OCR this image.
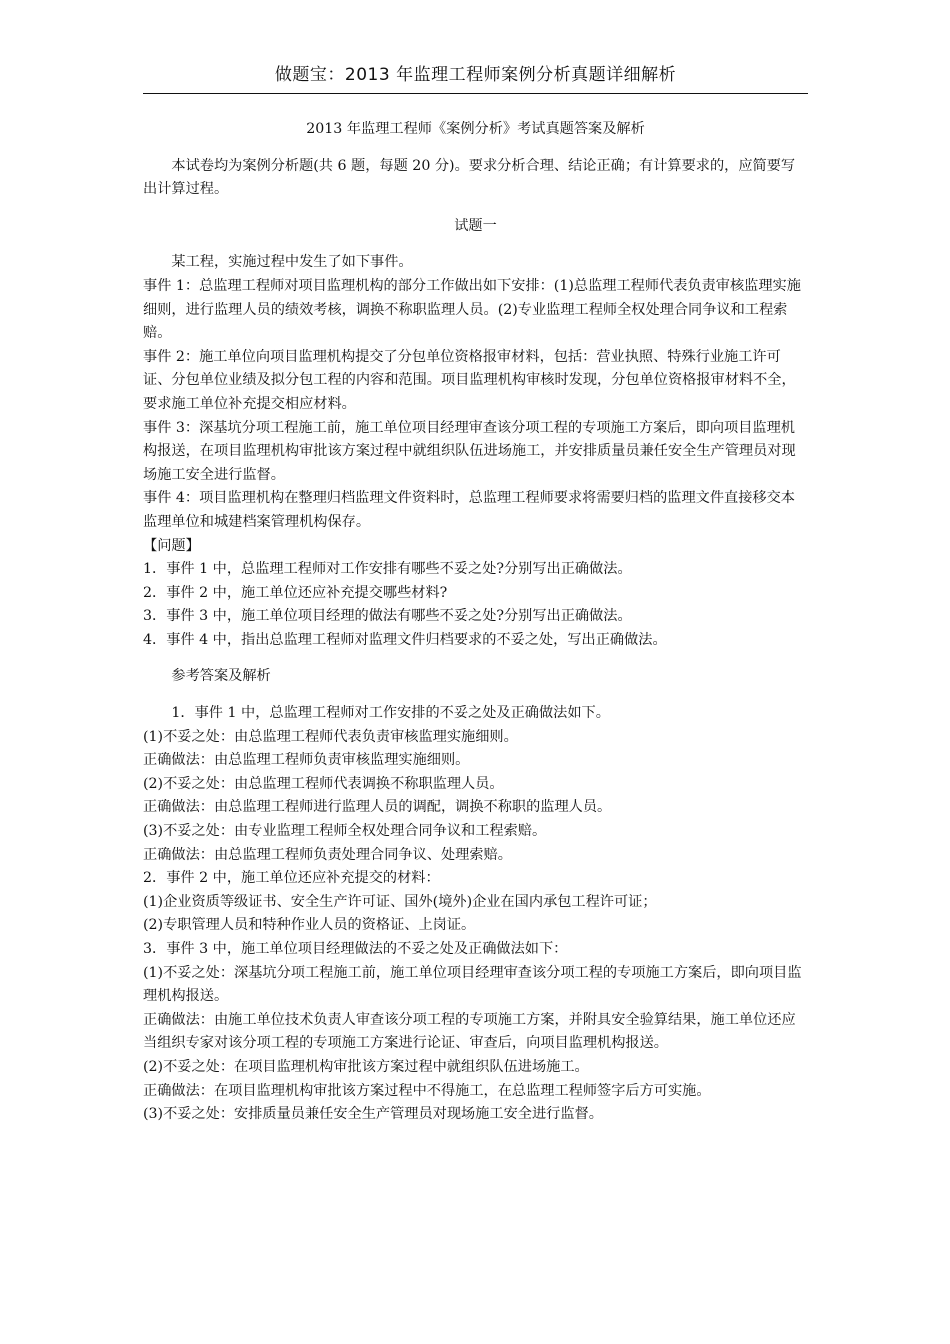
做题宝：2013 年监理工程师案例分析真题详细解析

2013 年监理工程师《案例分析》考试真题答案及解析

本试卷均为案例分析题(共 6 题，每题 20 分)。要求分析合理、结论正确；有计算要求的，应简要写出计算过程。

试题一

某工程，实施过程中发生了如下事件。

事件 1：总监理工程师对项目监理机构的部分工作做出如下安排：(1)总监理工程师代表负责审核监理实施细则，进行监理人员的绩效考核，调换不称职监理人员。(2)专业监理工程师全权处理合同争议和工程索赔。

事件 2：施工单位向项目监理机构提交了分包单位资格报审材料，包括：营业执照、特殊行业施工许可证、分包单位业绩及拟分包工程的内容和范围。项目监理机构审核时发现，分包单位资格报审材料不全，要求施工单位补充提交相应材料。

事件 3：深基坑分项工程施工前，施工单位项目经理审查该分项工程的专项施工方案后，即向项目监理机构报送，在项目监理机构审批该方案过程中就组织队伍进场施工，并安排质量员兼任安全生产管理员对现场施工安全进行监督。

事件 4：项目监理机构在整理归档监理文件资料时，总监理工程师要求将需要归档的监理文件直接移交本监理单位和城建档案管理机构保存。

【问题】

1．事件 1 中，总监理工程师对工作安排有哪些不妥之处?分别写出正确做法。

2．事件 2 中，施工单位还应补充提交哪些材料?

3．事件 3 中，施工单位项目经理的做法有哪些不妥之处?分别写出正确做法。

4．事件 4 中，指出总监理工程师对监理文件归档要求的不妥之处，写出正确做法。

参考答案及解析

1．事件 1 中，总监理工程师对工作安排的不妥之处及正确做法如下。

(1)不妥之处：由总监理工程师代表负责审核监理实施细则。

正确做法：由总监理工程师负责审核监理实施细则。

(2)不妥之处：由总监理工程师代表调换不称职监理人员。

正确做法：由总监理工程师进行监理人员的调配，调换不称职的监理人员。

(3)不妥之处：由专业监理工程师全权处理合同争议和工程索赔。

正确做法：由总监理工程师负责处理合同争议、处理索赔。

2．事件 2 中，施工单位还应补充提交的材料：

(1)企业资质等级证书、安全生产许可证、国外(境外)企业在国内承包工程许可证；

(2)专职管理人员和特种作业人员的资格证、上岗证。

3．事件 3 中，施工单位项目经理做法的不妥之处及正确做法如下：

(1)不妥之处：深基坑分项工程施工前，施工单位项目经理审查该分项工程的专项施工方案后，即向项目监理机构报送。

正确做法：由施工单位技术负责人审查该分项工程的专项施工方案，并附具安全验算结果，施工单位还应当组织专家对该分项工程的专项施工方案进行论证、审查后，向项目监理机构报送。

(2)不妥之处：在项目监理机构审批该方案过程中就组织队伍进场施工。

正确做法：在项目监理机构审批该方案过程中不得施工，在总监理工程师签字后方可实施。

(3)不妥之处：安排质量员兼任安全生产管理员对现场施工安全进行监督。
